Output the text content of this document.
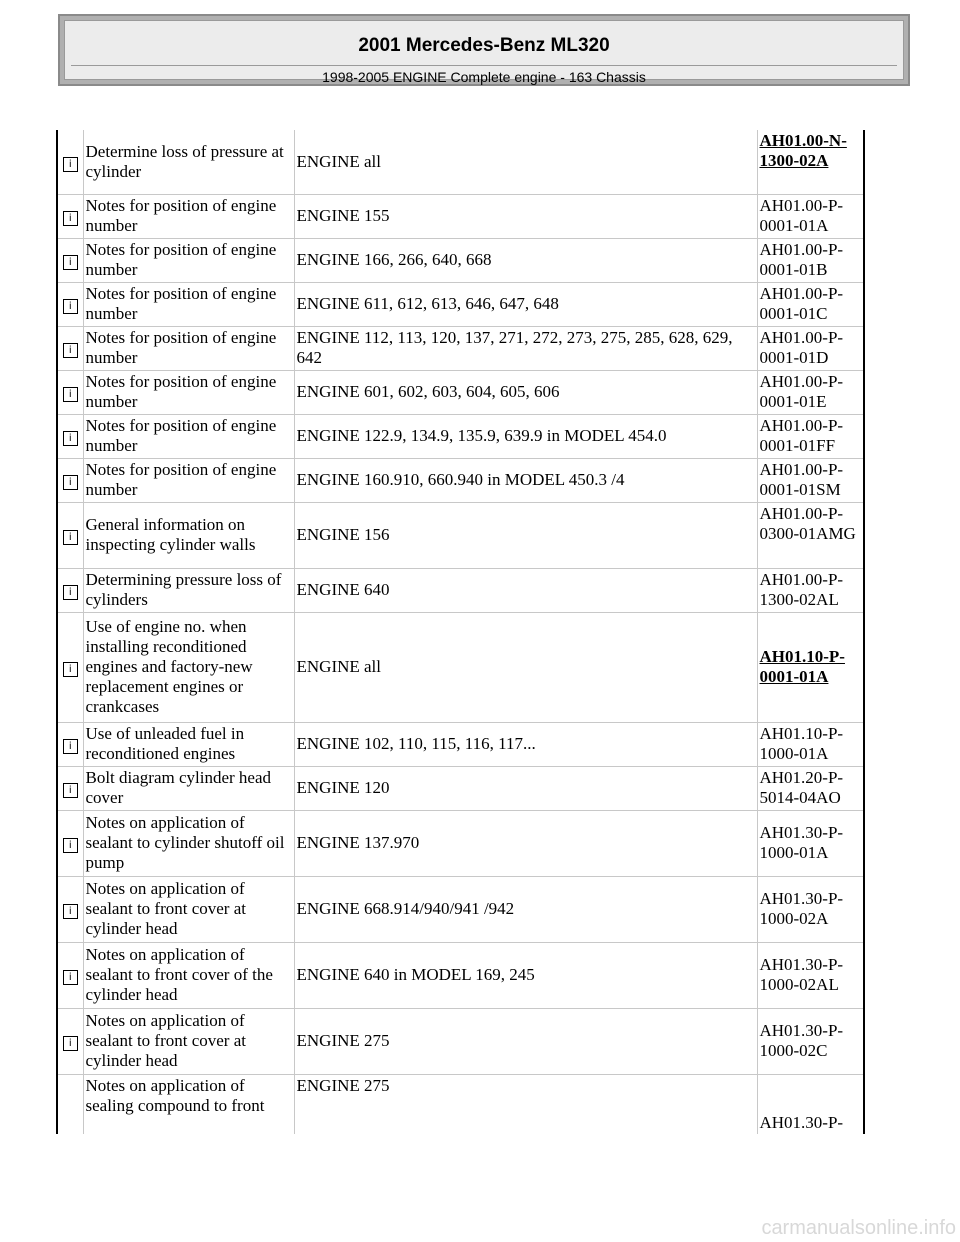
2001 Mercedes-Benz ML320
1998-2005 ENGINE Complete engine - 163 Chassis
i	Determine loss of pressure at cylinder	ENGINE all	AH01.00-N-1300-02A
i	Notes for position of engine number	ENGINE 155	AH01.00-P-0001-01A
i	Notes for position of engine number	ENGINE 166, 266, 640, 668	AH01.00-P-0001-01B
i	Notes for position of engine number	ENGINE 611, 612, 613, 646, 647, 648	AH01.00-P-0001-01C
i	Notes for position of engine number	ENGINE 112, 113, 120, 137, 271, 272, 273, 275, 285, 628, 629, 642	AH01.00-P-0001-01D
i	Notes for position of engine number	ENGINE 601, 602, 603, 604, 605, 606	AH01.00-P-0001-01E
i	Notes for position of engine number	ENGINE 122.9, 134.9, 135.9, 639.9 in MODEL 454.0	AH01.00-P-0001-01FF
i	Notes for position of engine number	ENGINE 160.910, 660.940 in MODEL 450.3 /4	AH01.00-P-0001-01SM
i	General information on inspecting cylinder walls	ENGINE 156	AH01.00-P-0300-01AMG
i	Determining pressure loss of cylinders	ENGINE 640	AH01.00-P-1300-02AL
i	Use of engine no. when installing reconditioned engines and factory-new replacement engines or crankcases	ENGINE all	AH01.10-P-0001-01A
i	Use of unleaded fuel in reconditioned engines	ENGINE 102, 110, 115, 116, 117...	AH01.10-P-1000-01A
i	Bolt diagram cylinder head cover	ENGINE 120	AH01.20-P-5014-04AO
i	Notes on application of sealant to cylinder shutoff oil pump	ENGINE 137.970	AH01.30-P-1000-01A
i	Notes on application of sealant to front cover at cylinder head	ENGINE 668.914/940/941 /942	AH01.30-P-1000-02A
i	Notes on application of sealant to front cover of the cylinder head	ENGINE 640 in MODEL 169, 245	AH01.30-P-1000-02AL
i	Notes on application of sealant to front cover at cylinder head	ENGINE 275	AH01.30-P-1000-02C
	Notes on application of sealing compound to front	ENGINE 275	AH01.30-P-
carmanualsonline.info
